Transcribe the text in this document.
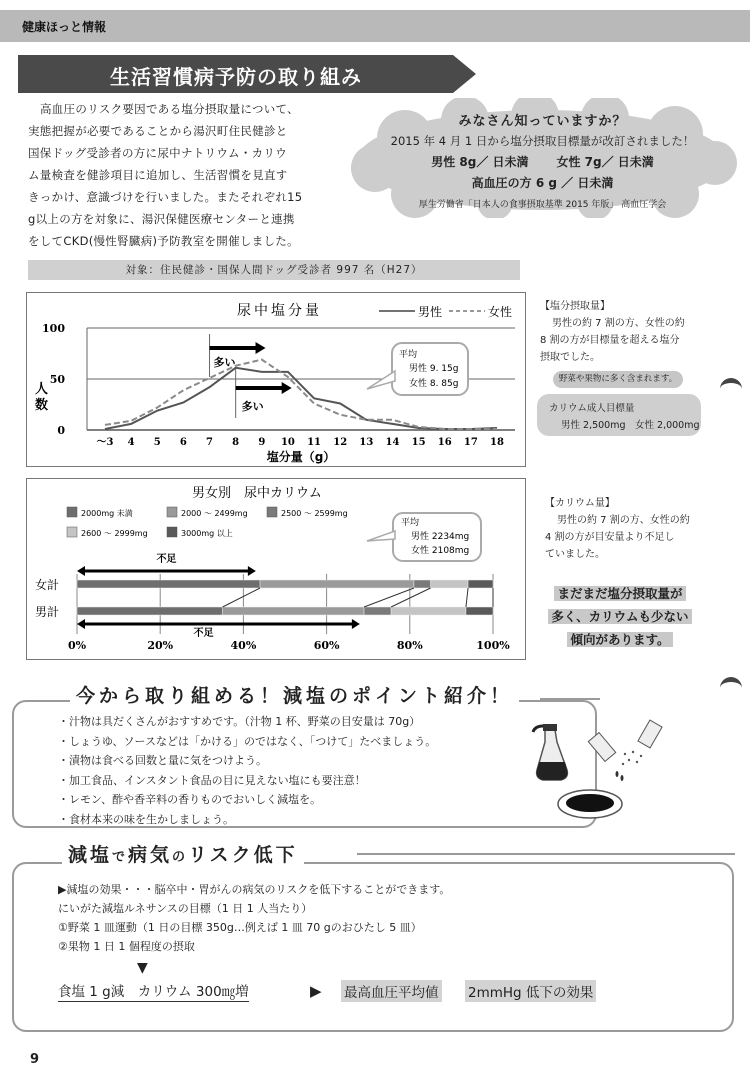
健康ほっと情報
生活習慣病予防の取り組み
高血圧のリスク要因である塩分摂取量について、
実態把握が必要であることから湯沢町住民健診と
国保ドッグ受診者の方に尿中ナトリウム・カリウ
ム量検査を健診項目に追加し、生活習慣を見直す
きっかけ、意識づけを行いました。またそれぞれ15
g以上の方を対象に、湯沢保健医療センターと連携
をしてCKD(慢性腎臓病)予防教室を開催しました。
みなさん知っていますか？
2015 年 4 月 1 日から塩分摂取目標量が改訂されました！
男性 8g／ 日未満 女性 7g／ 日未満
高血圧の方 6 g ／ 日未満
厚生労働省「日本人の食事摂取基準 2015 年版」 高血圧学会
対象：住民健診・国保人間ドッグ受診者 997 名（H27）
0
50
100
～3 4 5 6 7 8 9 10 11 12 13 14 15 16 17 18
塩分量（g）
人
数
尿中塩分量	男性	女性
多い
多い
平均
男性 9. 15g
女性 8. 85g
男女別　尿中カリウム
2000mg 未満	2000 ～ 2499mg	2500 ～ 2599mg
2600 ～ 2999mg	3000mg 以上
0%	20%	40%	60%	80%	100%
女計
男計
不足
不足
平均
男性 2234mg
女性 2108mg
【塩分摂取量】
男性の約 7 割の方、女性の約
8 割の方が目標量を超える塩分
摂取でした。
野菜や果物に多く含まれます。
カリウム成人目標量
男性 2,500mg　女性 2,000mg
【カリウム量】
男性の約 7 割の方、女性の約
4 割の方が目安量より不足し
ていました。
まだまだ塩分摂取量が
多く、カリウムも少ない
傾向があります。
今から取り組める！減塩のポイント紹介！
・汁物は具だくさんがおすすめです。（汁物 1 杯、野菜の目安量は 70g）
・しょうゆ、ソースなどは「かける」のではなく、「つけて」たべましょう。
・漬物は食べる回数と量に気をつけよう。
・加工食品、インスタント食品の目に見えない塩にも要注意！
・レモン、酢や香辛料の香りものでおいしく減塩を。
・食材本来の味を生かしましょう。
減塩で病気のリスク低下
▶減塩の効果・・・脳卒中・胃がんの病気のリスクを低下することができます。
にいがた減塩ルネサンスの目標（1 日 1 人当たり）
①野菜 1 皿運動（1 日の目標 350g…例えば 1 皿 70 gのおひたし 5 皿）
②果物 1 日 1 個程度の摂取
▼
食塩 1 g減　カリウム 300㎎増	▶ 最高血圧平均値 2mmHg 低下の効果
9
